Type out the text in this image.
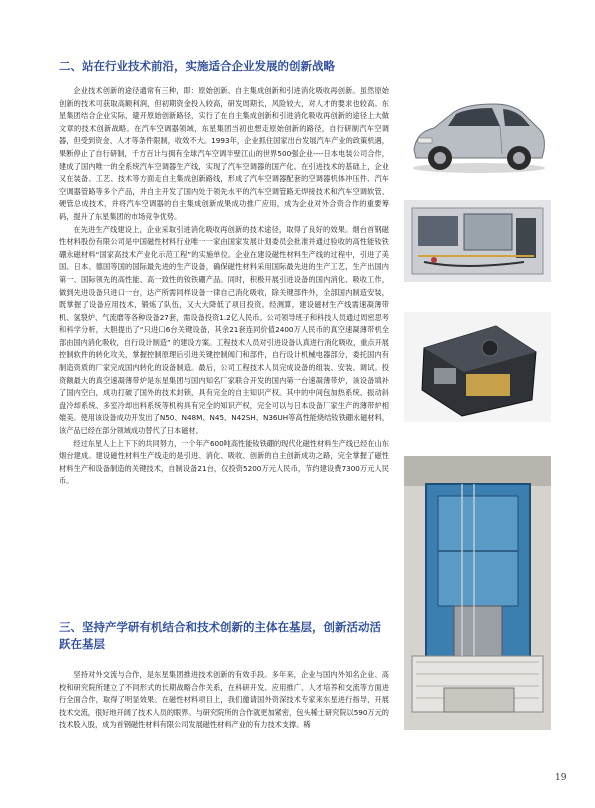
二、站在行业技术前沿，实施适合企业发展的创新战略

企业技术创新的途径通常有三种，即：原始创新、自主集成创新和引进消化吸收再创新。虽然原始创新的技术可获取高额利润，但初期资金投入较高，研发周期长，风险较大，对人才的要求也较高。东星集团结合企业实际，避开原始创新路径，实行了在自主集成创新和引进消化吸收再创新的途径上大做文章的技术创新战略。在汽车空调器领域，东星集团当初也想走原始创新的路径，自行研制汽车空调器，但受到资金、人才等条件限制，收效不大。1993年，企业抓住国家出台发展汽车产业的政策机遇，果断停止了自行研制，千方百计与拥有全球汽车空调半壁江山的世界500强企业----日本电装公司合作，建成了国内唯一的全系统汽车空调器生产线，实现了汽车空调器的国产化。在引进技术的基础上，企业又在装备、工艺、技术等方面走自主集成创新路线，形成了汽车空调器配套的空调器机体冲压件、汽车空调器管路等多个产品，并自主开发了国内处于领先水平的汽车空调管路无焊接技术和汽车空调软管、硬管总成技术，并将汽车空调器的自主集成创新成果成功推广应用，成为企业对外合资合作的重要筹码，提升了东星集团的市场竞争优势。

在先进生产线建设上，企业采取引进消化吸收再创新的技术途径，取得了良好的效果。烟台首钢磁性材料股份有限公司是中国磁性材料行业唯一一家由国家发展计划委员会批准并通过验收的高性能钕铁硼永磁材料“国家高技术产业化示范工程”的实施单位。企业在建设磁性材料生产线的过程中，引进了美国、日本、德国等国的国际最先进的生产设备，确保磁性材料采用国际最先进的生产工艺，生产出国内第一、国际领先的高性能、高一致性的钕铁硼产品。同时，积极开展引进设备的国内消化、吸收工作，做到先进设备只进口一台，达产所需同样设备一律自己消化吸收，除关键部件外，全部国内制造安装，既掌握了设备应用技术，锻炼了队伍，又大大降低了项目投资。经测算，建设磁材生产线需速凝薄带机、氢裂炉、气流磨等各种设备27套，需设备投资1.2亿人民币。公司领导班子和科技人员通过周密思考和科学分析，大胆提出了“只进口6台关键设备，其余21套连同价值2400万人民币的真空速凝薄带机全部由国内消化吸收，自行设计制造” 的建设方案。工程技术人员对引进设备认真进行消化吸收，重点开展控制软件的转化攻关，掌握控制原理后引进关键控制阀门和部件，自行设计机械电器部分，委托国内有制造资质的厂家完成国内转化的设备制造。最后，公司工程技术人员完成设备的组装、安装、调试。投资额最大的真空速凝薄带炉是东星集团与国内知名厂家联合开发的国内第一台速凝薄带炉，该设备填补了国内空白，成功打破了国外的技术封锁，具有完全的自主知识产权。其中的中间包加热系统、振动斜盘冷却系统、多室冷却出料系统等机构具有完全的知识产权，完全可以与日本设备厂家生产的薄带炉相媲美。使用该设备成功开发出了N50、N48M、N45、N42SH、N36UH等高性能烧结钕铁硼永磁材料，该产品已经在部分领域成功替代了日本磁材。

经过东星人上上下下的共同努力，一个年产600吨高性能钕铁硼的现代化磁性材料生产线已经在山东烟台建成。建设磁性材料生产线走的是引进、消化、吸收、创新的自主创新成功之路，完全掌握了磁性材料生产和设备制造的关键技术，自制设备21台，仅投资5200万元人民币，节约建设费7300万元人民币。

三、坚持产学研有机结合和技术创新的主体在基层，创新活动活跃在基层

坚持对外交流与合作，是东星集团推进技术创新的有效手段。多年来，企业与国内外知名企业、高校和研究院所建立了不同形式的长期战略合作关系，在科研开发、应用推广、人才培养和交流等方面进行全面合作，取得了明显效果。在磁性材料项目上，我们邀请国外资深技术专家来东星进行指导，开展技术交流，很好地开阔了技术人员的眼界。与研究院所的合作就更加紧密，包头稀土研究院以590万元的技术股入股，成为首钢磁性材料有限公司发展磁性材料产业的有力技术支撑。稀

19
